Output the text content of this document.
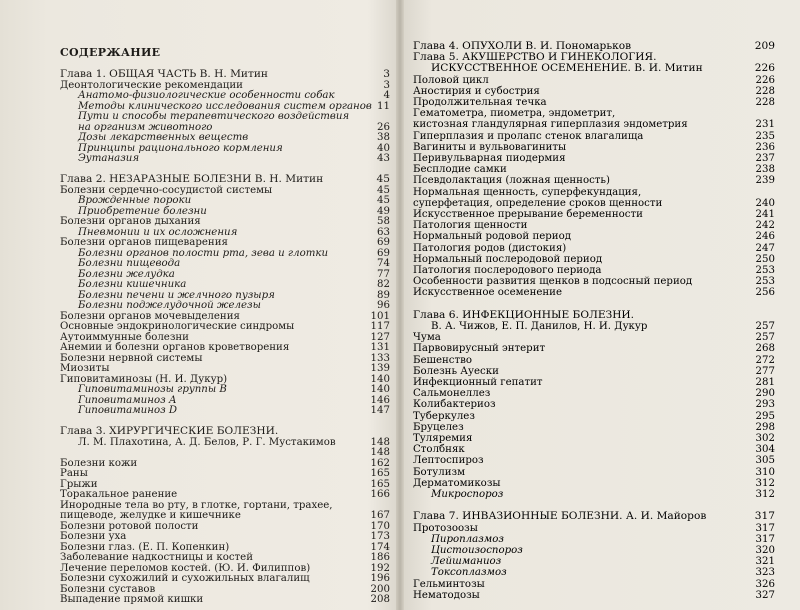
СОДЕРЖАНИЕ
Глава 1. ОБЩАЯ ЧАСТЬ В. Н. Митин	3
Деонтологические рекомендации	3
Анатомо-физиологические особенности собак	4
Методы клинического исследования систем органов 11
Пути и способы терапевтического воздействия
на организм животного	26
Дозы лекарственных веществ	38
Принципы рационального кормления	40
Эутаназия	43
Глава 2. НЕЗАРАЗНЫЕ БОЛЕЗНИ В. Н. Митин	45
Болезни сердечно-сосудистой системы	45
Врожденные пороки	45
Приобретение болезни	49
Болезни органов дыхания	58
Пневмонии и их осложнения	63
Болезни органов пищеварения	69
Болезни органов полости рта, зева и глотки	69
Болезни пищевода	74
Болезни желудка	77
Болезни кишечника	82
Болезни печени и желчного пузыря	89
Болезни поджелудочной железы	96
Болезни органов мочевыделения	101
Основные эндокринологические синдромы	117
Аутоиммунные болезни	127
Анемии и болезни органов кроветворения	131
Болезни нервной системы	133
Миозиты	139
Гиповитаминозы (Н. И. Дукур)	140
Гиповитаминозы группы В	140
Гиповитаминоз А	146
Гиповитаминоз D	147
Глава 3. ХИРУРГИЧЕСКИЕ БОЛЕЗНИ.
Л. М. Плахотина, А. Д. Белов, Р. Г. Мустакимов	148
148
Болезни кожи	162
Раны	165
Грыжи	165
Торакальное ранение	166
Инородные тела во рту, в глотке, гортани, трахее,
пищеводе, желудке и кишечнике	167
Болезни ротовой полости	170
Болезни уха	173
Болезни глаз. (Е. П. Копенкин)	174
Заболевание надкостницы и костей	186
Лечение переломов костей. (Ю. И. Филиппов)	192
Болезни сухожилий и сухожильных влагалищ	196
Болезни суставов	200
Выпадение прямой кишки	208
Глава 4. ОПУХОЛИ В. И. Пономарьков	209
Глава 5. АКУШЕРСТВО И ГИНЕКОЛОГИЯ.
ИСКУССТВЕННОЕ ОСЕМЕНЕНИЕ. В. И. Митин	226
Половой цикл	226
Аностирия и субострия	228
Продолжительная течка	228
Гематометра, пиометра, эндометрит,
кистозная гландулярная гиперплазия эндометрия	231
Гиперплазия и пролапс стенок влагалища	235
Вагиниты и вульвовагиниты	236
Перивульварная пиодермия	237
Бесплодие самки	238
Псевдолактация (ложная щенность)	239
Нормальная щенность, суперфекундация,
суперфетация, определение сроков щенности	240
Искусственное прерывание беременности	241
Патология щенности	242
Нормальный родовой период	246
Патология родов (дистокия)	247
Нормальный послеродовой период	250
Патология послеродового периода	253
Особенности развития щенков в подсосный период	253
Искусственное осеменение	256
Глава 6. ИНФЕКЦИОННЫЕ БОЛЕЗНИ.
В. А. Чижов, Е. П. Данилов, Н. И. Дукур	257
Чума	257
Парвовирусный энтерит	268
Бешенство	272
Болезнь Ауески	277
Инфекционный гепатит	281
Сальмонеллез	290
Колибактериоз	293
Туберкулез	295
Бруцелез	298
Туляремия	302
Столбняк	304
Лептоспироз	305
Ботулизм	310
Дерматомикозы	312
Микроспороз	312
Глава 7. ИНВАЗИОННЫЕ БОЛЕЗНИ. А. И. Майоров	317
Протозоозы	317
Пироплазмоз	317
Цистоизоспороз	320
Лейшманиоз	321
Токсоплазмоз	323
Гельминтозы	326
Нематодозы	327
